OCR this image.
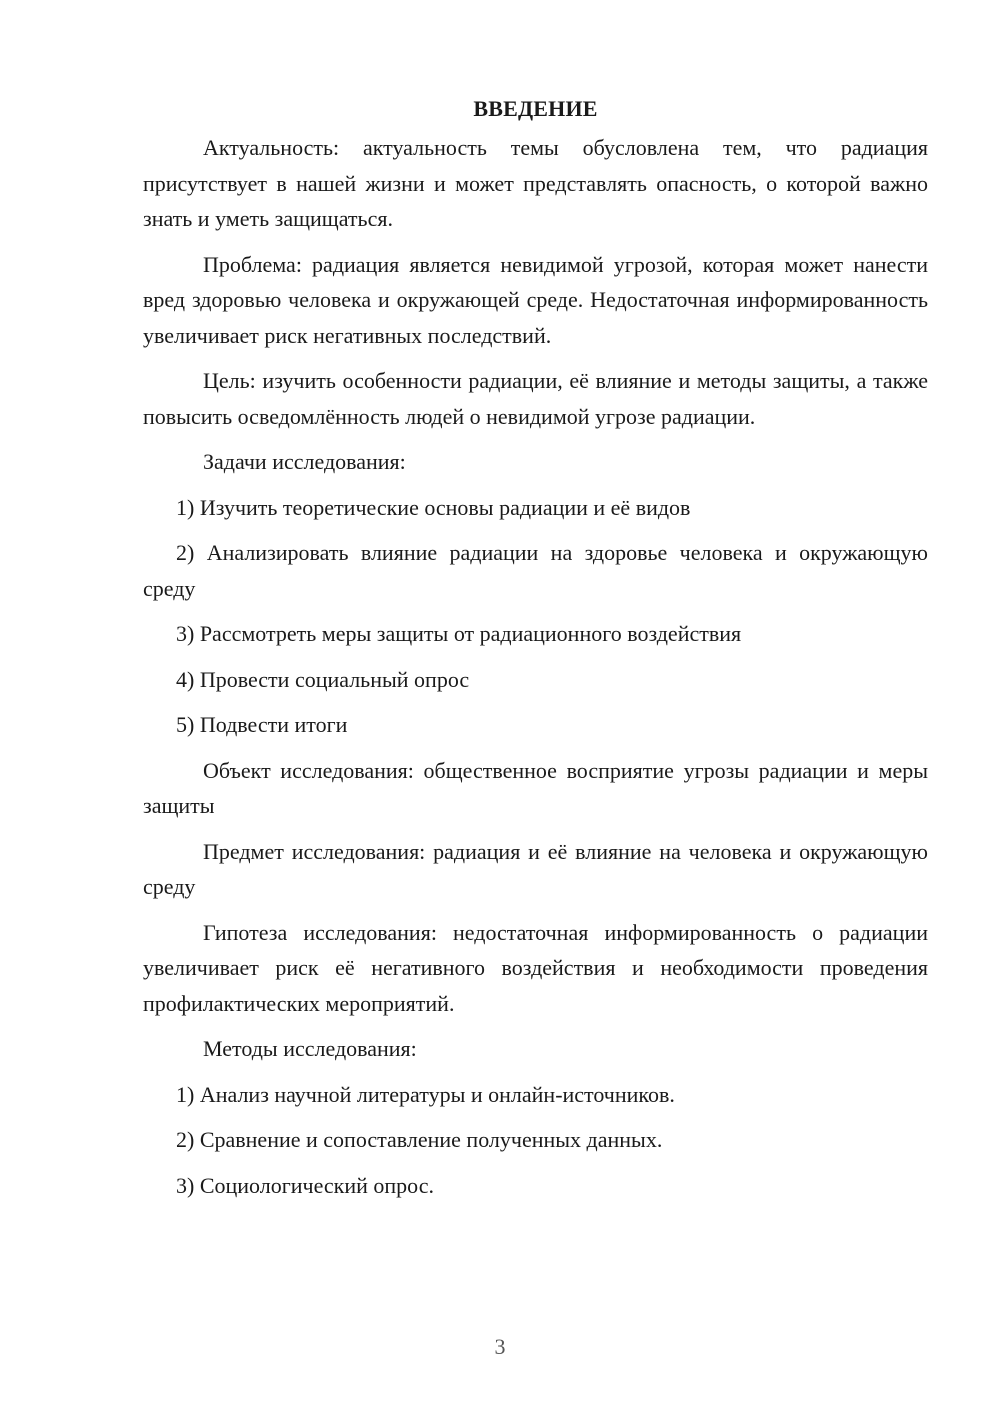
ВВЕДЕНИЕ

Актуальность: актуальность темы обусловлена тем, что радиация присутствует в нашей жизни и может представлять опасность, о которой важно знать и уметь защищаться.

Проблема: радиация является невидимой угрозой, которая может нанести вред здоровью человека и окружающей среде. Недостаточная информированность увеличивает риск негативных последствий.

Цель: изучить особенности радиации, её влияние и методы защиты, а также повысить осведомлённость людей о невидимой угрозе радиации.

Задачи исследования:

1) Изучить теоретические основы радиации и её видов

2) Анализировать влияние радиации на здоровье человека и окружающую среду

3) Рассмотреть меры защиты от радиационного воздействия

4) Провести социальный опрос

5) Подвести итоги

Объект исследования: общественное восприятие угрозы радиации и меры защиты

Предмет исследования: радиация и её влияние на человека и окружающую среду

Гипотеза исследования: недостаточная информированность о радиации увеличивает риск её негативного воздействия и необходимости проведения профилактических мероприятий.

Методы исследования:

1) Анализ научной литературы и онлайн-источников.

2) Сравнение и сопоставление полученных данных.

3) Социологический опрос.

3
